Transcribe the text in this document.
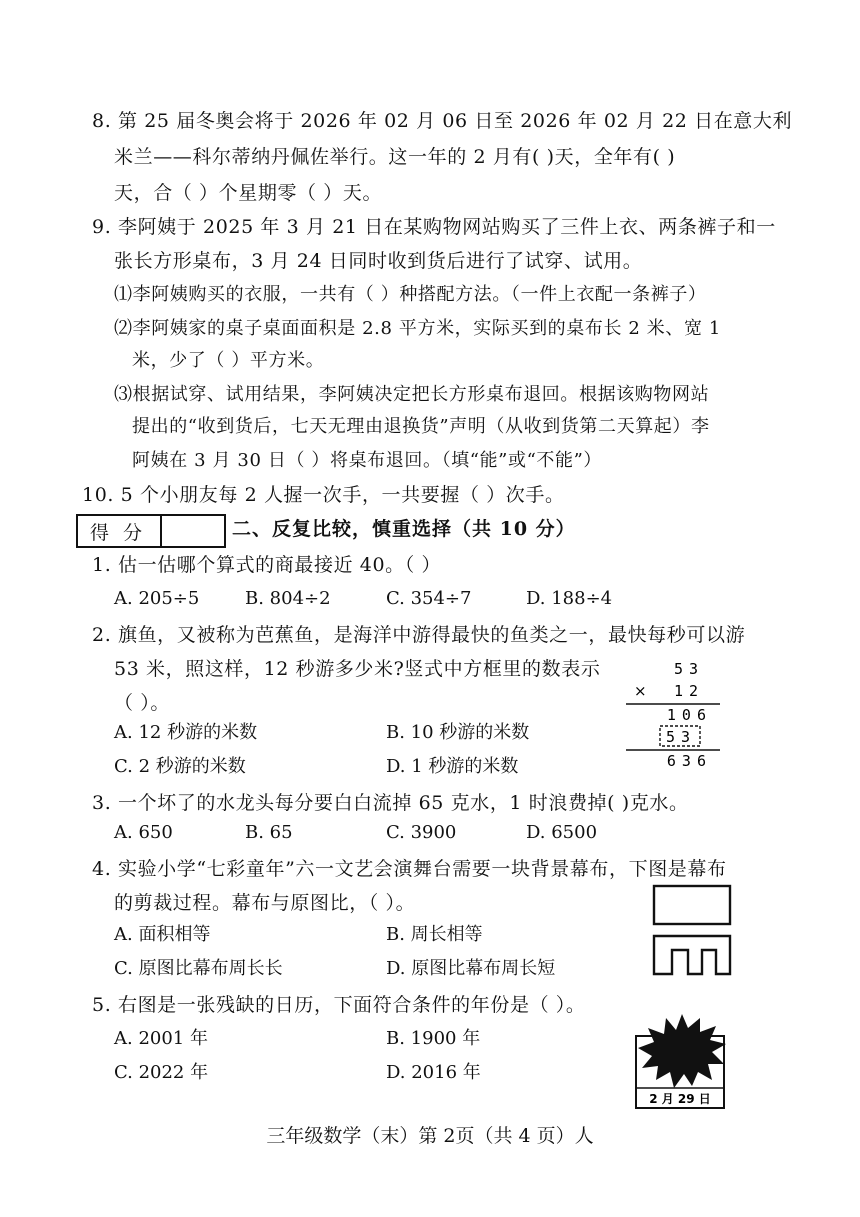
8. 第 25 届冬奥会将于 2026 年 02 月 06 日至 2026 年 02 月 22 日在意大利
米兰——科尔蒂纳丹佩佐举行。这一年的 2 月有( )天，全年有( )
天，合（ ）个星期零（ ）天。
9. 李阿姨于 2025 年 3 月 21 日在某购物网站购买了三件上衣、两条裤子和一
张长方形桌布，3 月 24 日同时收到货后进行了试穿、试用。
⑴李阿姨购买的衣服，一共有（ ）种搭配方法。（一件上衣配一条裤子）
⑵李阿姨家的桌子桌面面积是 2.8 平方米，实际买到的桌布长 2 米、宽 1
米，少了（ ）平方米。
⑶根据试穿、试用结果，李阿姨决定把长方形桌布退回。根据该购物网站
提出的“收到货后，七天无理由退换货”声明（从收到货第二天算起）李
阿姨在 3 月 30 日（ ）将桌布退回。（填“能”或“不能”）
10. 5 个小朋友每 2 人握一次手，一共要握（ ）次手。
得分	二、反复比较，慎重选择（共 10 分）
1. 估一估哪个算式的商最接近 40。（ ）
A. 205÷5	B. 804÷2	C. 354÷7	D. 188÷4
2. 旗鱼，又被称为芭蕉鱼，是海洋中游得最快的鱼类之一，最快每秒可以游
53 米，照这样，12 秒游多少米?竖式中方框里的数表示
（ ）。
A. 12 秒游的米数	B. 10 秒游的米数
C. 2 秒游的米数	D. 1 秒游的米数
53
× 12
106
53
636
3. 一个坏了的水龙头每分要白白流掉 65 克水，1 时浪费掉( )克水。
A. 650	B. 65	C. 3900	D. 6500
4. 实验小学“七彩童年”六一文艺会演舞台需要一块背景幕布，下图是幕布
的剪裁过程。幕布与原图比，（ ）。
A. 面积相等	B. 周长相等
C. 原图比幕布周长长	D. 原图比幕布周长短
5. 右图是一张残缺的日历，下面符合条件的年份是（ ）。
A. 2001 年	B. 1900 年
C. 2022 年	D. 2016 年
2 月 29 日
三年级数学（末）第 2页（共 4 页）人
